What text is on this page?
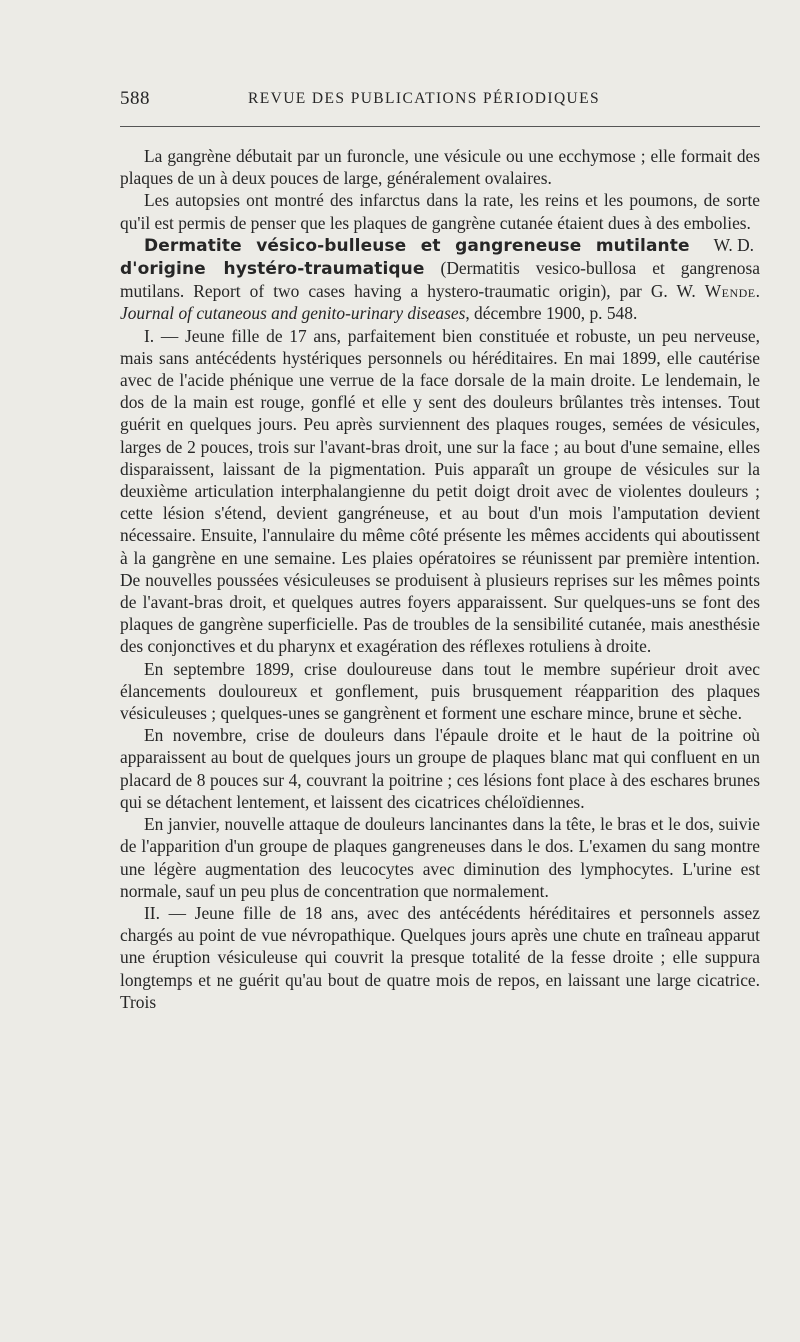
588	REVUE DES PUBLICATIONS PÉRIODIQUES

La gangrène débutait par un furoncle, une vésicule ou une ecchymose ; elle formait des plaques de un à deux pouces de large, généralement ovalaires.

Les autopsies ont montré des infarctus dans la rate, les reins et les poumons, de sorte qu'il est permis de penser que les plaques de gangrène cutanée étaient dues à des embolies.
W. D.

Dermatite vésico-bulleuse et gangreneuse mutilante d'origine hystéro-traumatique (Dermatitis vesico-bullosa et gangrenosa mutilans. Report of two cases having a hystero-traumatic origin), par G. W. Wende. Journal of cutaneous and genito-urinary diseases, décembre 1900, p. 548.

I. — Jeune fille de 17 ans, parfaitement bien constituée et robuste, un peu nerveuse, mais sans antécédents hystériques personnels ou héréditaires. En mai 1899, elle cautérise avec de l'acide phénique une verrue de la face dorsale de la main droite. Le lendemain, le dos de la main est rouge, gonflé et elle y sent des douleurs brûlantes très intenses. Tout guérit en quelques jours. Peu après surviennent des plaques rouges, semées de vésicules, larges de 2 pouces, trois sur l'avant-bras droit, une sur la face ; au bout d'une semaine, elles disparaissent, laissant de la pigmentation. Puis apparaît un groupe de vésicules sur la deuxième articulation interphalangienne du petit doigt droit avec de violentes douleurs ; cette lésion s'étend, devient gangréneuse, et au bout d'un mois l'amputation devient nécessaire. Ensuite, l'annulaire du même côté présente les mêmes accidents qui aboutissent à la gangrène en une semaine. Les plaies opératoires se réunissent par première intention. De nouvelles poussées vésiculeuses se produisent à plusieurs reprises sur les mêmes points de l'avant-bras droit, et quelques autres foyers apparaissent. Sur quelques-uns se font des plaques de gangrène superficielle. Pas de troubles de la sensibilité cutanée, mais anesthésie des conjonctives et du pharynx et exagération des réflexes rotuliens à droite.

En septembre 1899, crise douloureuse dans tout le membre supérieur droit avec élancements douloureux et gonflement, puis brusquement réapparition des plaques vésiculeuses ; quelques-unes se gangrènent et forment une eschare mince, brune et sèche.

En novembre, crise de douleurs dans l'épaule droite et le haut de la poitrine où apparaissent au bout de quelques jours un groupe de plaques blanc mat qui confluent en un placard de 8 pouces sur 4, couvrant la poitrine ; ces lésions font place à des eschares brunes qui se détachent lentement, et laissent des cicatrices chéloïdiennes.

En janvier, nouvelle attaque de douleurs lancinantes dans la tête, le bras et le dos, suivie de l'apparition d'un groupe de plaques gangreneuses dans le dos. L'examen du sang montre une légère augmentation des leucocytes avec diminution des lymphocytes. L'urine est normale, sauf un peu plus de concentration que normalement.

II. — Jeune fille de 18 ans, avec des antécédents héréditaires et personnels assez chargés au point de vue névropathique. Quelques jours après une chute en traîneau apparut une éruption vésiculeuse qui couvrit la presque totalité de la fesse droite ; elle suppura longtemps et ne guérit qu'au bout de quatre mois de repos, en laissant une large cicatrice. Trois
